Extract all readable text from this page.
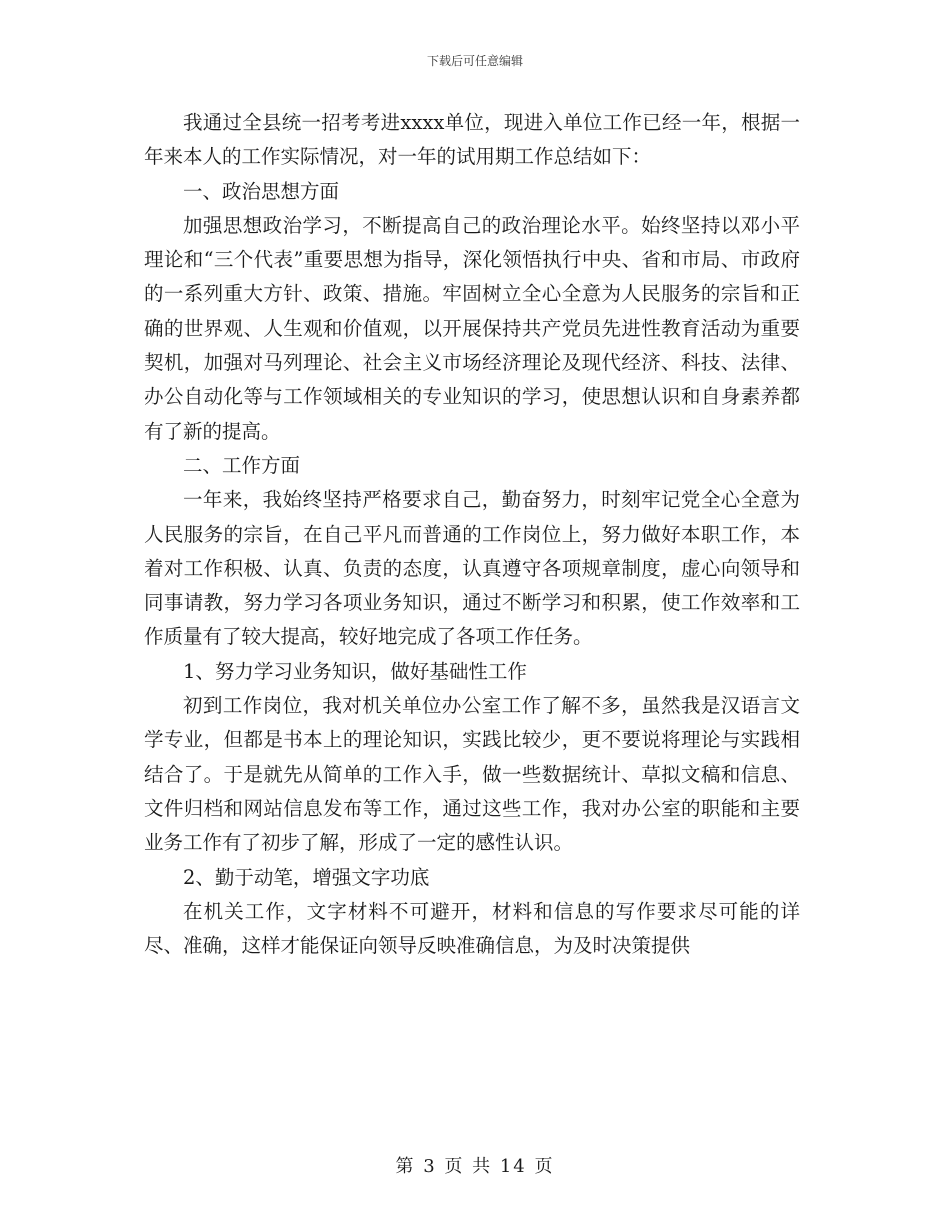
下载后可任意编辑

我通过全县统一招考考进xxxx单位，现进入单位工作已经一年，根据一年来本人的工作实际情况，对一年的试用期工作总结如下：

一、政治思想方面

加强思想政治学习，不断提高自己的政治理论水平。始终坚持以邓小平理论和“三个代表”重要思想为指导，深化领悟执行中央、省和市局、市政府的一系列重大方针、政策、措施。牢固树立全心全意为人民服务的宗旨和正确的世界观、人生观和价值观，以开展保持共产党员先进性教育活动为重要契机，加强对马列理论、社会主义市场经济理论及现代经济、科技、法律、办公自动化等与工作领域相关的专业知识的学习，使思想认识和自身素养都有了新的提高。

二、工作方面

一年来，我始终坚持严格要求自己，勤奋努力，时刻牢记党全心全意为人民服务的宗旨，在自己平凡而普通的工作岗位上，努力做好本职工作，本着对工作积极、认真、负责的态度，认真遵守各项规章制度，虚心向领导和同事请教，努力学习各项业务知识，通过不断学习和积累，使工作效率和工作质量有了较大提高，较好地完成了各项工作任务。

1、努力学习业务知识，做好基础性工作

初到工作岗位，我对机关单位办公室工作了解不多，虽然我是汉语言文学专业，但都是书本上的理论知识，实践比较少，更不要说将理论与实践相结合了。于是就先从简单的工作入手，做一些数据统计、草拟文稿和信息、文件归档和网站信息发布等工作，通过这些工作，我对办公室的职能和主要业务工作有了初步了解，形成了一定的感性认识。

2、勤于动笔，增强文字功底

在机关工作，文字材料不可避开，材料和信息的写作要求尽可能的详尽、准确，这样才能保证向领导反映准确信息，为及时决策提供

第 3 页 共 14 页
